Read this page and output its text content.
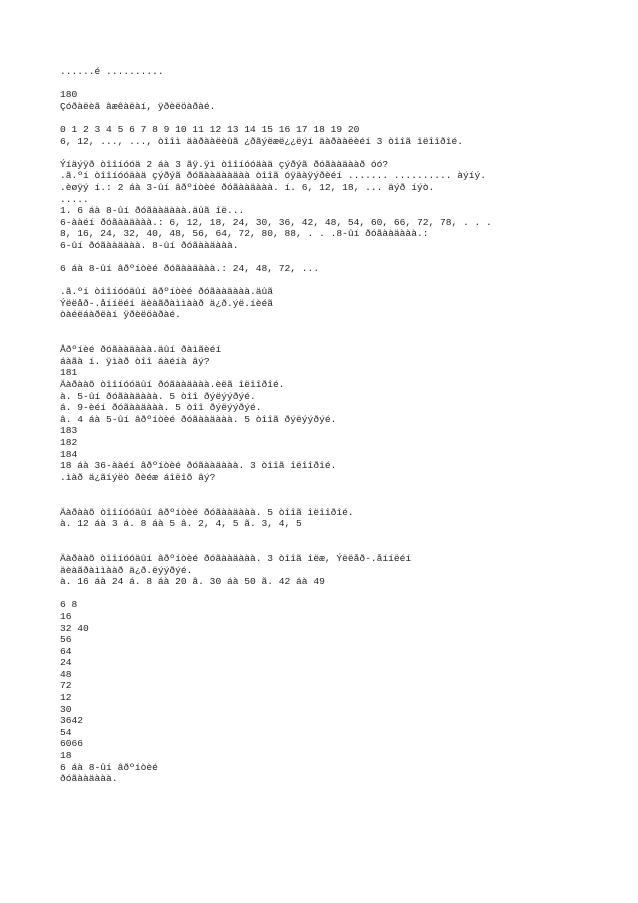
......é ..........
180
Çóðàëèã âæêàëàí, ÿðèëöàðàé.
0 1 2 3 4 5 6 7 8 9 10 11 12 13 14 15 16 17 18 19 20
6, 12, ..., ..., òîîì äàðààëèûã ¿ðãýëæë¿¿ëýí äàðààëèéí 3 òîîã îëîîðîé.
Ýíäýÿð òîîíóóä 2 áà 3 ãÿ.ÿì òîîíóóäàä çýðýã ðóãààäààð óó?
.ã.ºí òîîíóóäàä çýðýã ðóãààäààäàà òîîã óÿäàÿýðèéí ....... .......... àýíý.
.èøÿý í.: 2 áà 3-ûí âðºíòèé ðóãààäààà. í. 6, 12, 18, ... äýð íýò.
.....
1. 6 áà 8-ûí ðóãààäààà.äûã îë...
6-ààéí ðóãààäààà.: 6, 12, 18, 24, 30, 36, 42, 48, 54, 60, 66, 72, 78, . . .
8, 16, 24, 32, 40, 48, 56, 64, 72, 80, 88, . . .8-ûí ðóãààäààà.:
6-ûí ðóãààäààà. 8-ûí ðóãààäààà.
6 áà 8-ûí âðºíòèé ðóãààäààà.: 24, 48, 72, ...
.ã.ºí òîîíóóäûí âðºíòèé ðóãààäààà.äûã
Ýëëåð-.åííëéí äèàãðàììààð ä¿ð.ýë.íèéã
òàéëáàðëàí ÿðèëöàðàé.
Åðºíèé ðóãààäààà.äûí ðàìãèéí
áàãà í. ÿìàð òîî áàéíà âý?
181
Äàðààõ òîîíóóäûí ðóãààäààà.èëã îëîîðîé.
à. 5-ûí ðóãààäààà. 5 òîî ðýëýýðýé.
á. 9-èéí ðóãààäààà. 5 òîî ðýëýýðýé.
â. 4 áà 5-ûí âðºíòèé ðóãààäààà. 5 òîîã ðýëýýðýé.
183
182
184
18 áà 36-ààéí âðºíòèé ðóãààäààà. 3 òîîã îëîîðîé.
.ìàð ä¿ãíýëò ðèéæ áîëîõ âý?
Äàðààõ òîîíóóäûí âðºíòèé ðóãààäààà. 5 òîîã îëîîðîé.
à. 12 áà 3 á. 8 áà 5 â. 2, 4, 5 ã. 3, 4, 5
Äàðààõ òîîíóóäûí âðºíòèé ðóãààäààà. 3 òîîã îëæ, Ýëëåð-.åííëéí
äèàãðàììààð ä¿ð.ëýýðýé.
à. 16 áà 24 á. 8 áà 20 â. 30 áà 50 ã. 42 áà 49
6 8
16
32 40
56
64
24
48
72
12
30
3642
54
6066
18
6 áà 8-ûí âðºíòèé
ðóãààäààà.
